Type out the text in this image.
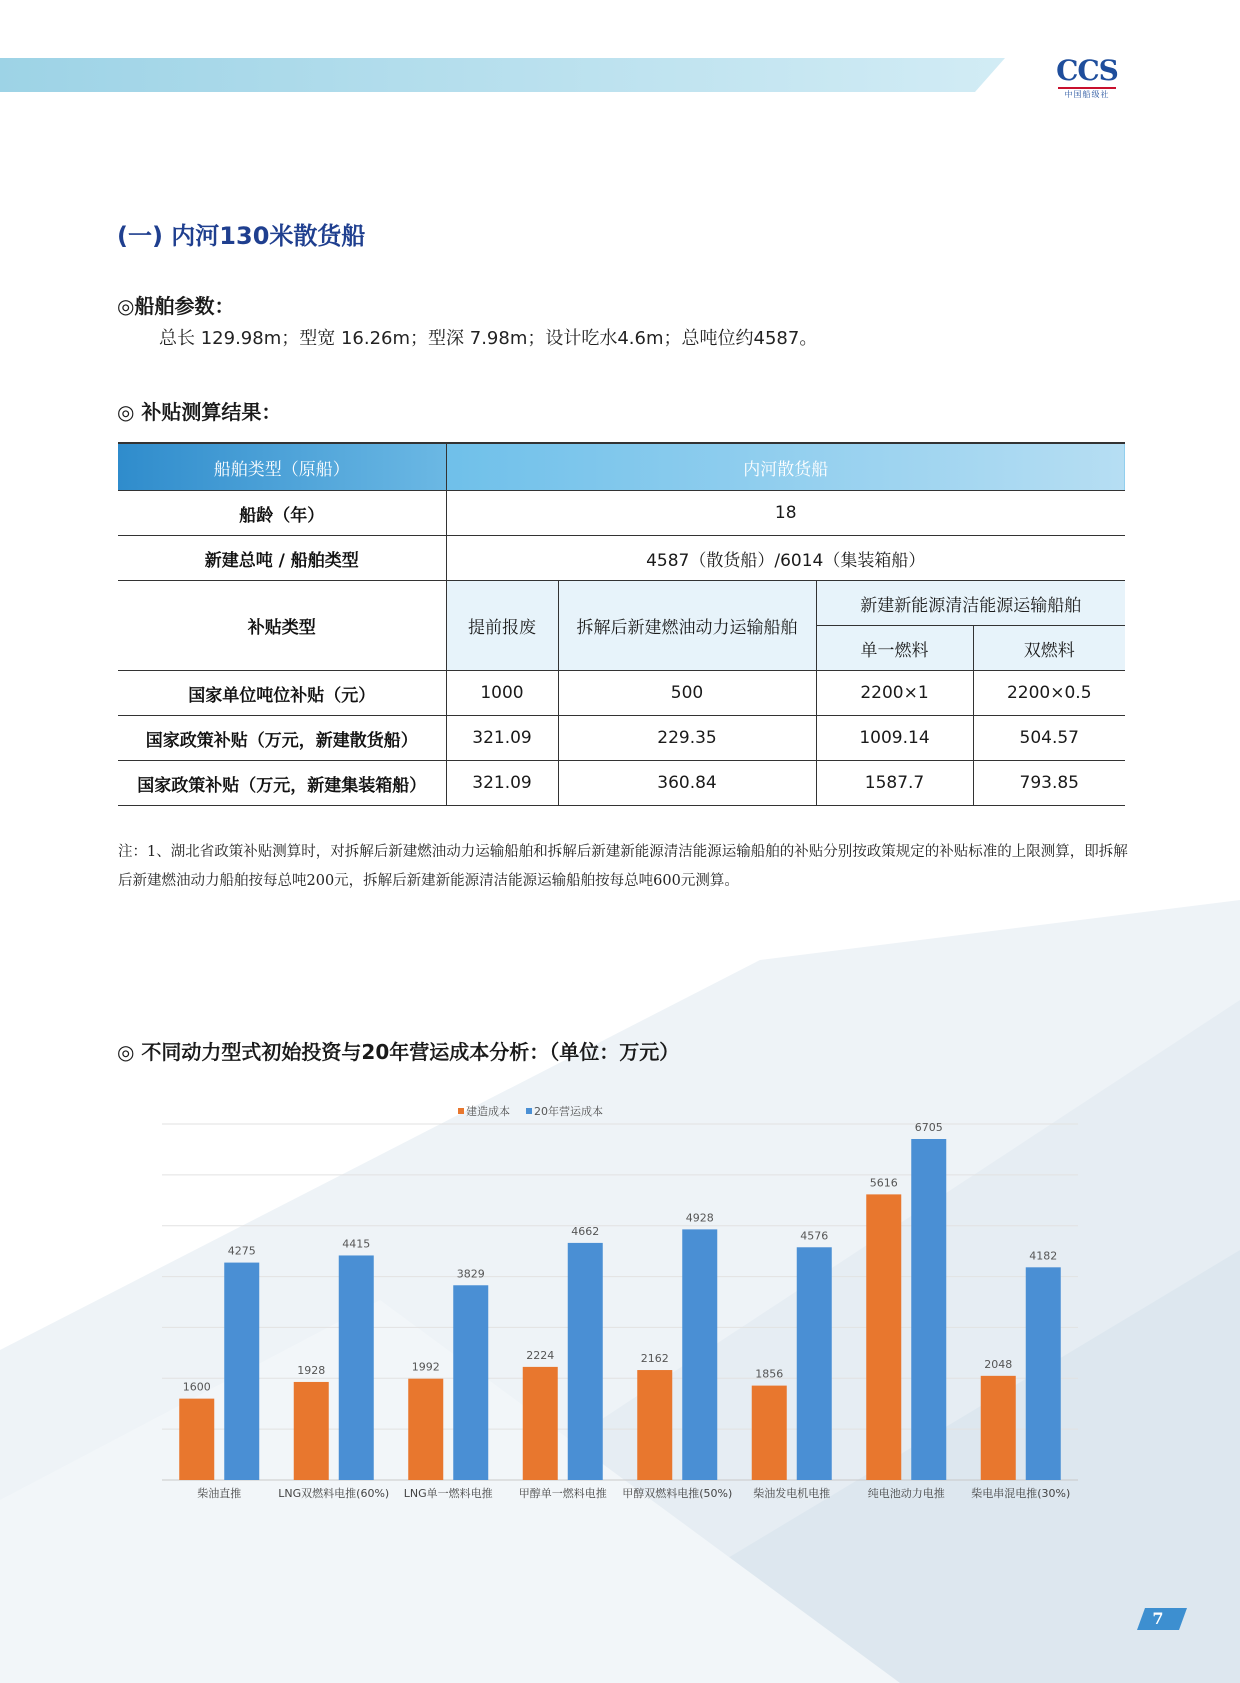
CCS
中国船级社
(一) 内河130米散货船
◎船舶参数：
总长 129.98m；型宽 16.26m；型深 7.98m；设计吃水4.6m；总吨位约4587。
◎ 补贴测算结果：
船舶类型（原船）	内河散货船			
船龄（年）	18			
新建总吨 / 船舶类型	4587（散货船）/6014（集装箱船）			
补贴类型	提前报废	拆解后新建燃油动力运输船舶	新建新能源清洁能源运输船舶	
			单一燃料	双燃料
国家单位吨位补贴（元）	1000	500	2200×1	2200×0.5
国家政策补贴（万元，新建散货船）	321.09	229.35	1009.14	504.57
国家政策补贴（万元，新建集装箱船）	321.09	360.84	1587.7	793.85
注：1、湖北省政策补贴测算时，对拆解后新建燃油动力运输船舶和拆解后新建新能源清洁能源运输船舶的补贴分别按政策规定的补贴标准的上限测算，即拆解后新建燃油动力船舶按每总吨200元，拆解后新建新能源清洁能源运输船舶按每总吨600元测算。
◎ 不同动力型式初始投资与20年营运成本分析：（单位：万元）
建造成本 20年营运成本
1600
4275
柴油直推
1928
4415
LNG双燃料电推(60%)
1992
3829
LNG单一燃料电推
2224
4662
甲醇单一燃料电推
2162
4928
甲醇双燃料电推(50%)
1856
4576
柴油发电机电推
5616
6705
纯电池动力电推
2048
4182
柴电串混电推(30%)
7
